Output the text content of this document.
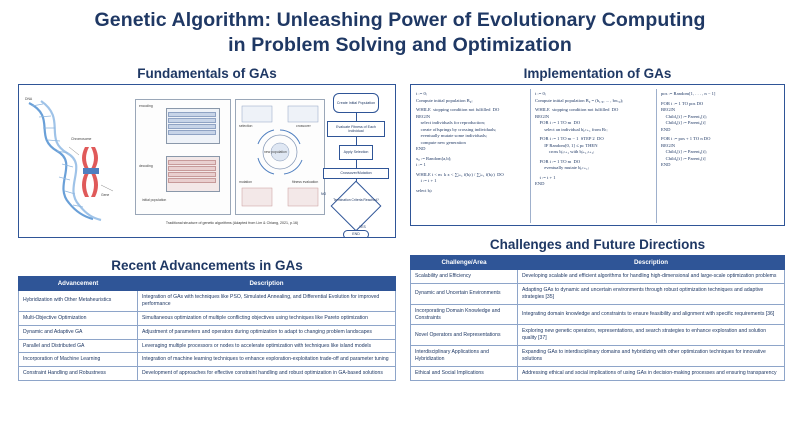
Genetic Algorithm: Unleashing Power of Evolutionary Computing
in Problem Solving and Optimization
Fundamentals of GAs	Implementation of GAs
Recent Advancements in GAs
Challenges and Future Directions
DNA
Chromosome
Gene
encoding
decoding
initial population
selection	crossover
mutation	fitness evaluation
new population
Create Initial Population
Evaluate Fitness of Each Individual
Apply Selection
Crossover/Mutation
Termination Criteria Reached?
NO
YES
END
Traditional structure of genetic algorithms (Adapted from Lim & Chiang, 2021, p.16)
t := 0;
Compute initial population B₀;
WHILE  stopping condition not fulfilled  DO
BEGIN
select individuals for reproduction;
create offsprings by crossing individuals;
eventually mutate some individuals;
compute new generation
END
x₀ := Random[a,b];
i := 1
WHILE i < m  k x < ∑ⱼ₌₁ f(bⱼₜ) / ∑ⱼ₌₁ f(bⱼₜ)  DO
i := i + 1
select bⱼₜ
t := 0;
Compute initial population B₀ = (b₁,₀, ... , bₘ,₀);
WHILE  stopping condition not fulfilled  DO
BEGIN
FOR i := 1 TO m  DO
select an individual bⱼ,ₜ₊₁ from Bₜ;
FOR i := 1 TO m − 1  STEP 2  DO
IF Random[0, 1] ≤ pᴄ THEN
cross bⱼ,ₜ₊₁ with bⱼ₊₁,ₜ₊₁;
FOR i := 1 TO m  DO
eventually mutate bⱼ,ₜ₊₁;
t := t + 1
END
pos := Random[1, . . . , n − 1]
FOR i := 1 TO pos DO
BEGIN
Child₁[i] := Parent₁[i];
Child₂[i] := Parent₂[i]
END
FOR i := pos + 1 TO n DO
BEGIN
Child₁[i] := Parent₂[i];
Child₂[i] := Parent₁[i]
END
Advancement	Description
Hybridization with Other Metaheuristics	Integration of GAs with techniques like PSO, Simulated Annealing, and Differential Evolution for improved performance
Multi-Objective Optimization	Simultaneous optimization of multiple conflicting objectives using techniques like Pareto optimization
Dynamic and Adaptive GA	Adjustment of parameters and operators during optimization to adapt to changing problem landscapes
Parallel and Distributed GA	Leveraging multiple processors or nodes to accelerate optimization with techniques like island models
Incorporation of Machine Learning	Integration of machine learning techniques to enhance exploration-exploitation trade-off and parameter tuning
Constraint Handling and Robustness	Development of approaches for effective constraint handling and robust optimization in GA-based solutions
Challenge/Area	Description
Scalability and Efficiency	Developing scalable and efficient algorithms for handling high-dimensional and large-scale optimization problems
Dynamic and Uncertain Environments	Adapting GAs to dynamic and uncertain environments through robust optimization techniques and adaptive strategies [35]
Incorporating Domain Knowledge and Constraints	Integrating domain knowledge and constraints to ensure feasibility and alignment with specific requirements [36]
Novel Operators and Representations	Exploring new genetic operators, representations, and search strategies to enhance exploration and solution quality [37]
Interdisciplinary Applications and Hybridization	Expanding GAs to interdisciplinary domains and hybridizing with other optimization techniques for innovative solutions
Ethical and Social Implications	Addressing ethical and social implications of using GAs in decision-making processes and ensuring transparency
